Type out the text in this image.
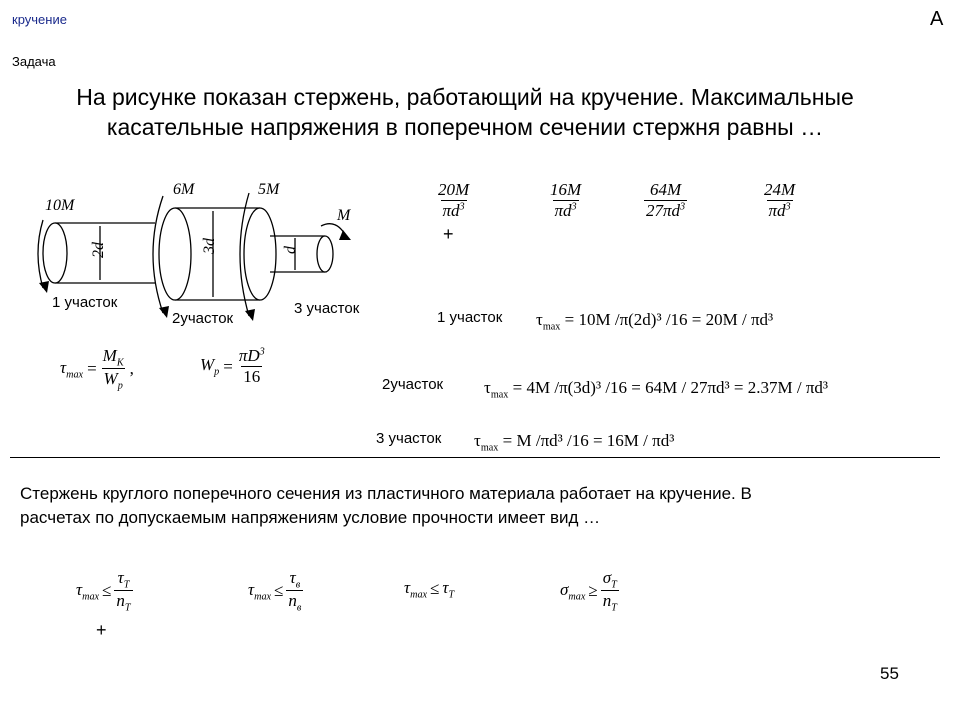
кручение	А
Задача
На рисунке показан стержень, работающий на кручение. Максимальные
касательные напряжения в поперечном сечении стержня равны …
10M
6M	5M
M
2d	3d	d
1 участок
2участок
3 участок
$\frac{20M}{\pi d^3}$	$\frac{16M}{\pi d^3}$	$\frac{64M}{27\pi d^3}$	$\frac{24M}{\pi d^3}$
+
$\tau_{max} = \frac{M_K}{W_p}$ ,	$W_p = \frac{\pi D^3}{16}$
1 участок $\tau_{max} = 10M$ /π(2d)³ /16 = 20M / πd³
2участок $\tau_{max} = 4M$ /π(3d)³ /16 = 64M / 27πd³ = 2.37M / πd³
3 участок $\tau_{max} = M$ /πd³ /16 = 16M / πd³
Стержень круглого поперечного сечения из пластичного материала работает на кручение. В
расчетах по допускаемым напряжениям условие прочности имеет вид …
$\tau_{max} \le \frac{\tau_T}{n_T}$	$\tau_{max} \le \frac{\tau_в}{n_в}$	$\tau_{max} \le \tau_T$	$\sigma_{max} \ge \frac{\sigma_T}{n_T}$
+
55
